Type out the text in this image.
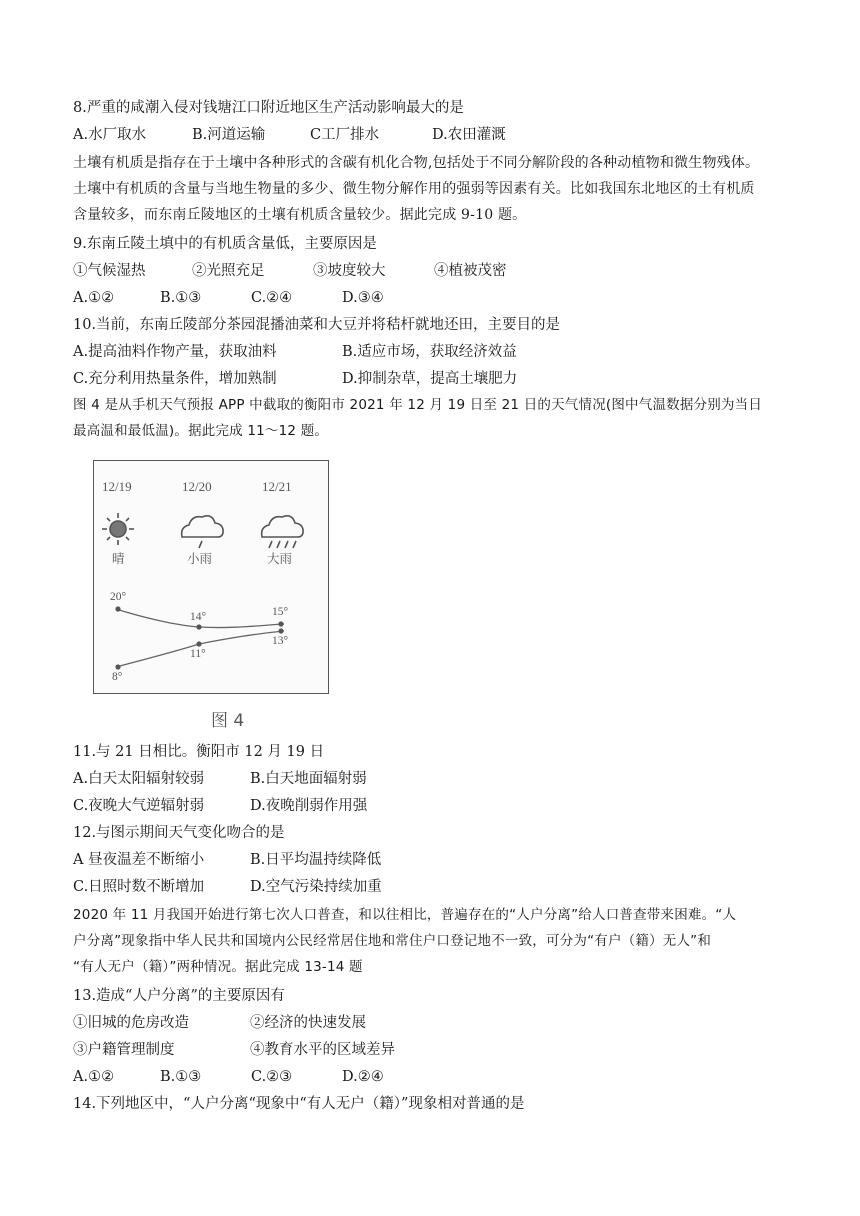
8.严重的咸潮入侵对钱塘江口附近地区生产活动影响最大的是
A.水厂取水	B.河道运输	C工厂排水	D.农田灌溉
土壤有机质是指存在于土壤中各种形式的含碳有机化合物,包括处于不同分解阶段的各种动植物和微生物残体。
土壤中有机质的含量与当地生物量的多少、微生物分解作用的强弱等因素有关。比如我国东北地区的土有机质
含量较多，而东南丘陵地区的土壤有机质含量较少。据此完成 9-10 题。
9.东南丘陵土填中的有机质含量低，主要原因是
①气候湿热	②光照充足	③坡度较大	④植被茂密
A.①②	B.①③	C.②④	D.③④
10.当前，东南丘陵部分茶园混播油菜和大豆并将秸杆就地还田，主要目的是
A.提高油料作物产量，获取油料	B.适应市场，获取经济效益
C.充分利用热量条件，增加熟制	D.抑制杂草，提高土壤肥力
图 4 是从手机天气预报 APP 中截取的衡阳市 2021 年 12 月 19 日至 21 日的天气情况(图中气温数据分别为当日
最高温和最低温)。据此完成 11～12 题。
12/19	12/20	12/21
晴	小雨	大雨
20°
14°	15°
8°
11°
13°
图 4
11.与 21 日相比。衡阳市 12 月 19 日
A.白天太阳辐射较弱	B.白天地面辐射弱
C.夜晚大气逆辐射弱	D.夜晚削弱作用强
12.与图示期间天气变化吻合的是
A 昼夜温差不断缩小	B.日平均温持续降低
C.日照时数不断增加	D.空气污染持续加重
2020 年 11 月我国开始进行第七次人口普查，和以往相比，普遍存在的“人户分离”给人口普查带来困难。“人
户分离”现象指中华人民共和国境内公民经常居住地和常住户口登记地不一致，可分为“有户（籍）无人”和
“有人无户（籍）”两种情况。据此完成 13-14 题
13.造成“人户分离”的主要原因有
①旧城的危房改造	②经济的快速发展
③户籍管理制度	④教育水平的区域差异
A.①②	B.①③	C.②③	D.②④
14.下列地区中，“人户分离“现象中“有人无户（籍）”现象相对普通的是
